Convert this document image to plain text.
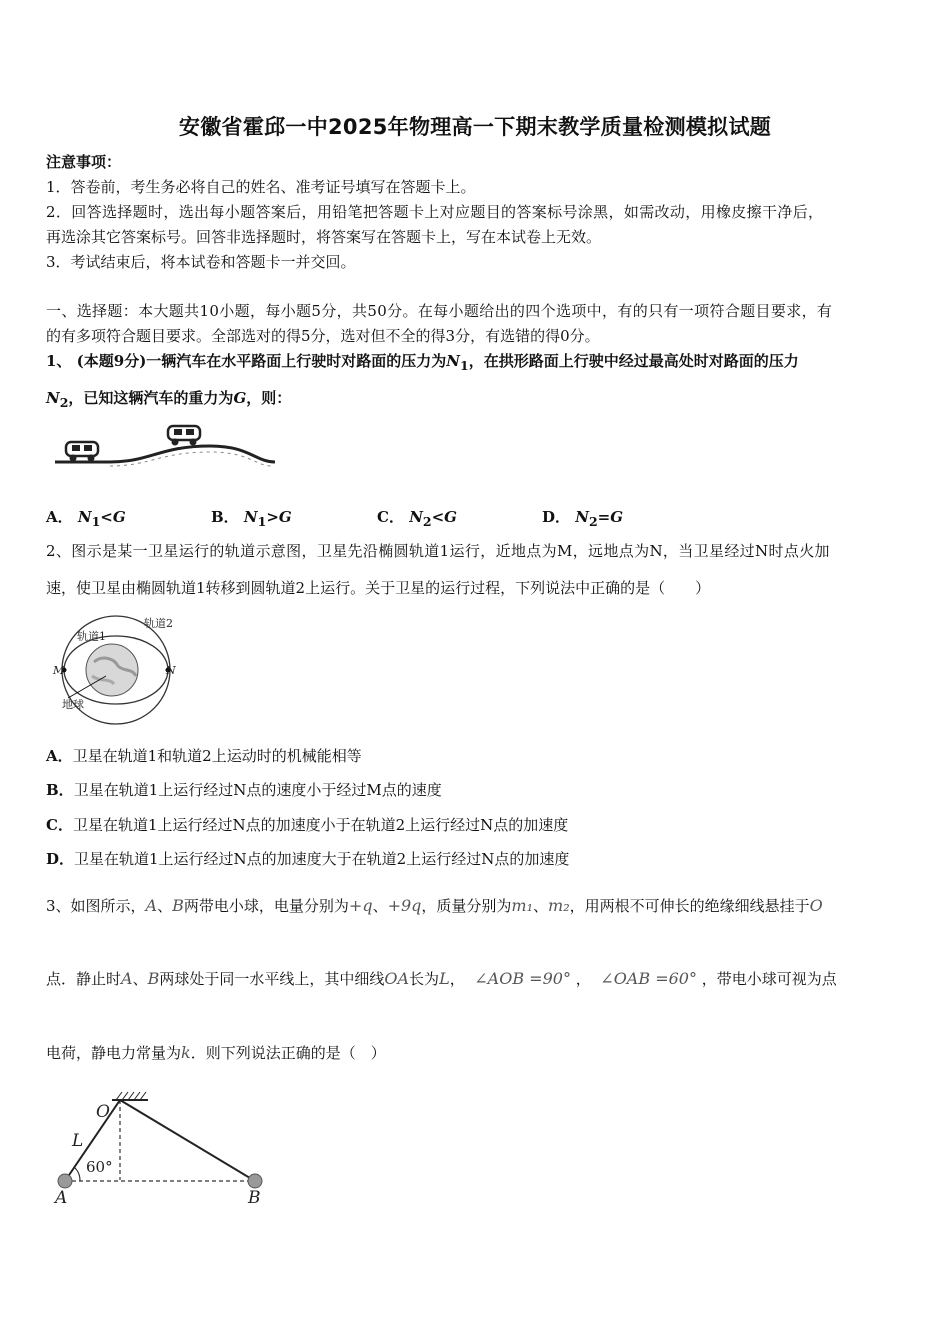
安徽省霍邱一中2025年物理高一下期末教学质量检测模拟试题
注意事项：
1．答卷前，考生务必将自己的姓名、准考证号填写在答题卡上。
2．回答选择题时，选出每小题答案后，用铅笔把答题卡上对应题目的答案标号涂黑，如需改动，用橡皮擦干净后，
再选涂其它答案标号。回答非选择题时，将答案写在答题卡上，写在本试卷上无效。
3．考试结束后，将本试卷和答题卡一并交回。
一、选择题：本大题共10小题，每小题5分，共50分。在每小题给出的四个选项中，有的只有一项符合题目要求，有
的有多项符合题目要求。全部选对的得5分，选对但不全的得3分，有选错的得0分。
1、 (本题9分)一辆汽车在水平路面上行驶时对路面的压力为$N_1$，在拱形路面上行驶中经过最高处时对路面的压力
$N_2$，已知这辆汽车的重力为G，则：
A． $N_1<G$	B． $N_1>G$	C． $N_2<G$	D． $N_2=G$
2、图示是某一卫星运行的轨道示意图，卫星先沿椭圆轨道1运行，近地点为M，远地点为N，当卫星经过N时点火加
速，使卫星由椭圆轨道1转移到圆轨道2上运行。关于卫星的运行过程，下列说法中正确的是（　　）
轨道1
轨道2
M	N
地球
A．卫星在轨道1和轨道2上运动时的机械能相等
B．卫星在轨道1上运行经过N点的速度小于经过M点的速度
C．卫星在轨道1上运行经过N点的加速度小于在轨道2上运行经过N点的加速度
D．卫星在轨道1上运行经过N点的加速度大于在轨道2上运行经过N点的加速度
3、如图所示，A、B两带电小球，电量分别为+q、+9q，质量分别为m₁、m₂，用两根不可伸长的绝缘细线悬挂于O
点．静止时A、B两球处于同一水平线上，其中细线OA长为L， ∠AOB =90° ， ∠OAB =60° ，带电小球可视为点
电荷，静电力常量为k．则下列说法正确的是（　）
O
L
60°
A	B
